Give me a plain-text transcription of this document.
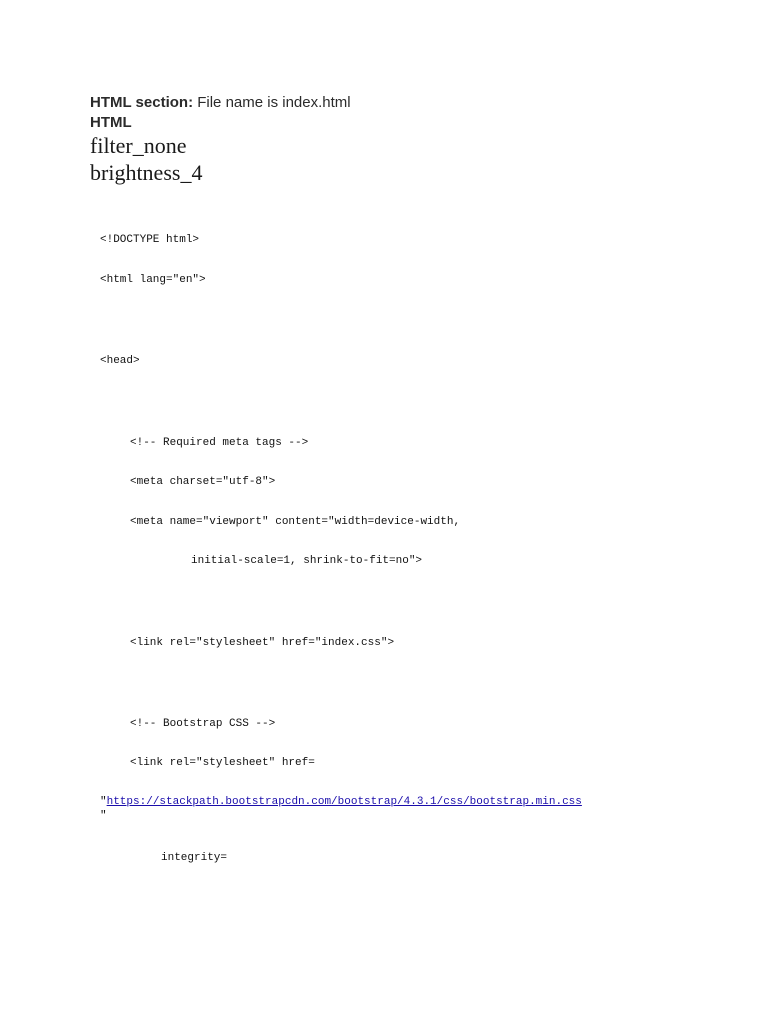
HTML section: File name is index.html
HTML
filter_none
brightness_4
<!DOCTYPE html>
<html lang="en">
<head>
<!-- Required meta tags -->
<meta charset="utf-8">
<meta name="viewport" content="width=device-width,
initial-scale=1, shrink-to-fit=no">
<link rel="stylesheet" href="index.css">
<!-- Bootstrap CSS -->
<link rel="stylesheet" href=
"https://stackpath.bootstrapcdn.com/bootstrap/4.3.1/css/bootstrap.min.css
"
integrity=
